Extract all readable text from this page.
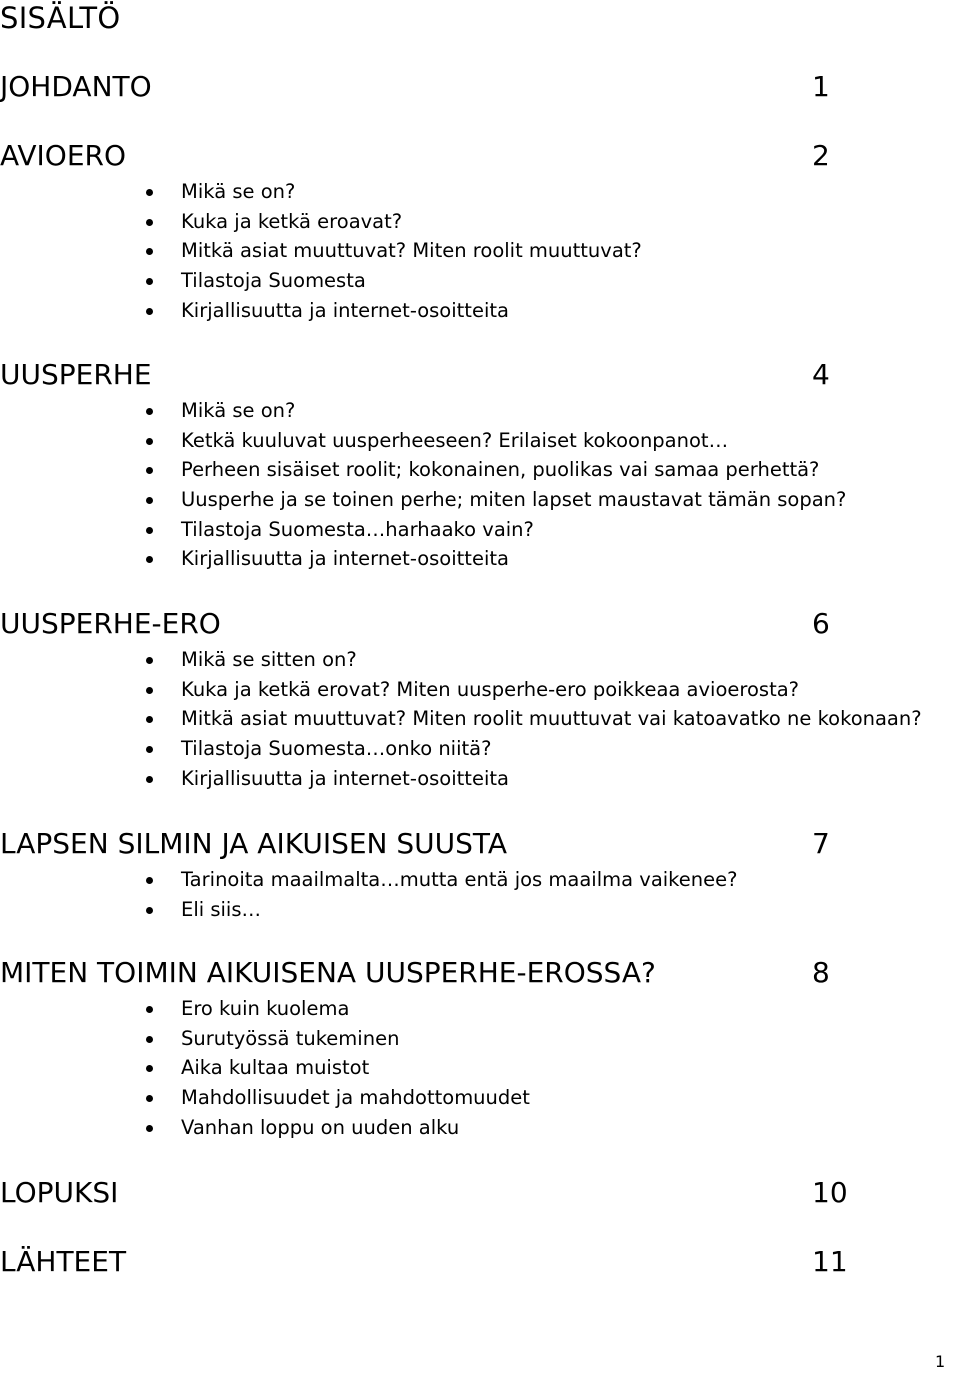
SISÄLTÖ
JOHDANTO	1
AVIOERO	2
Mikä se on?
Kuka ja ketkä eroavat?
Mitkä asiat muuttuvat? Miten roolit muuttuvat?
Tilastoja Suomesta
Kirjallisuutta ja internet-osoitteita
UUSPERHE	4
Mikä se on?
Ketkä kuuluvat uusperheeseen? Erilaiset kokoonpanot…
Perheen sisäiset roolit; kokonainen, puolikas vai samaa perhettä?
Uusperhe ja se toinen perhe; miten lapset maustavat tämän sopan?
Tilastoja Suomesta…harhaako vain?
Kirjallisuutta ja internet-osoitteita
UUSPERHE-ERO	6
Mikä se sitten on?
Kuka ja ketkä erovat? Miten uusperhe-ero poikkeaa avioerosta?
Mitkä asiat muuttuvat? Miten roolit muuttuvat vai katoavatko ne kokonaan?
Tilastoja Suomesta…onko niitä?
Kirjallisuutta ja internet-osoitteita
LAPSEN SILMIN JA AIKUISEN SUUSTA	7
Tarinoita maailmalta…mutta entä jos maailma vaikenee?
Eli siis…
MITEN TOIMIN AIKUISENA UUSPERHE-EROSSA?	8
Ero kuin kuolema
Surutyössä tukeminen
Aika kultaa muistot
Mahdollisuudet ja mahdottomuudet
Vanhan loppu on uuden alku
LOPUKSI	10
LÄHTEET	11
1
